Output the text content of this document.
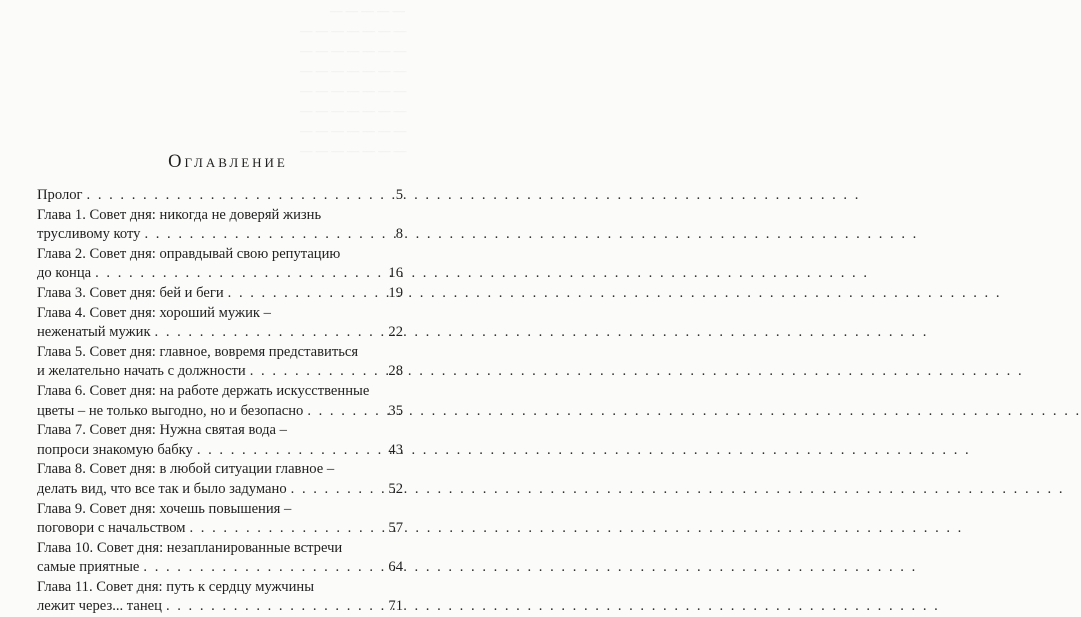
— — — — —
— — — — — — —
— — — — — — —
— — — — — — —
— — — — — — —
— — — — — — —
— — — — — — —
— — — — — — —
Оглавление
Пролог . . .	5
Глава 1. Совет дня: никогда не доверяй жизнь
трусливому коту . . .	8
Глава 2. Совет дня: оправдывай свою репутацию
до конца . . .	16
Глава 3. Совет дня: бей и беги . . .	19
Глава 4. Совет дня: хороший мужик –
неженатый мужик . . .	22
Глава 5. Совет дня: главное, вовремя представиться
и желательно начать с должности . . .	28
Глава 6. Совет дня: на работе держать искусственные
цветы – не только выгодно, но и безопасно . . .	35
Глава 7. Совет дня: Нужна святая вода –
попроси знакомую бабку . . .	43
Глава 8. Совет дня: в любой ситуации главное –
делать вид, что все так и было задумано . . .	52
Глава 9. Совет дня: хочешь повышения –
поговори с начальством . . .	57
Глава 10. Совет дня: незапланированные встречи
самые приятные . . .	64
Глава 11. Совет дня: путь к сердцу мужчины
лежит через... танец . . .	71
